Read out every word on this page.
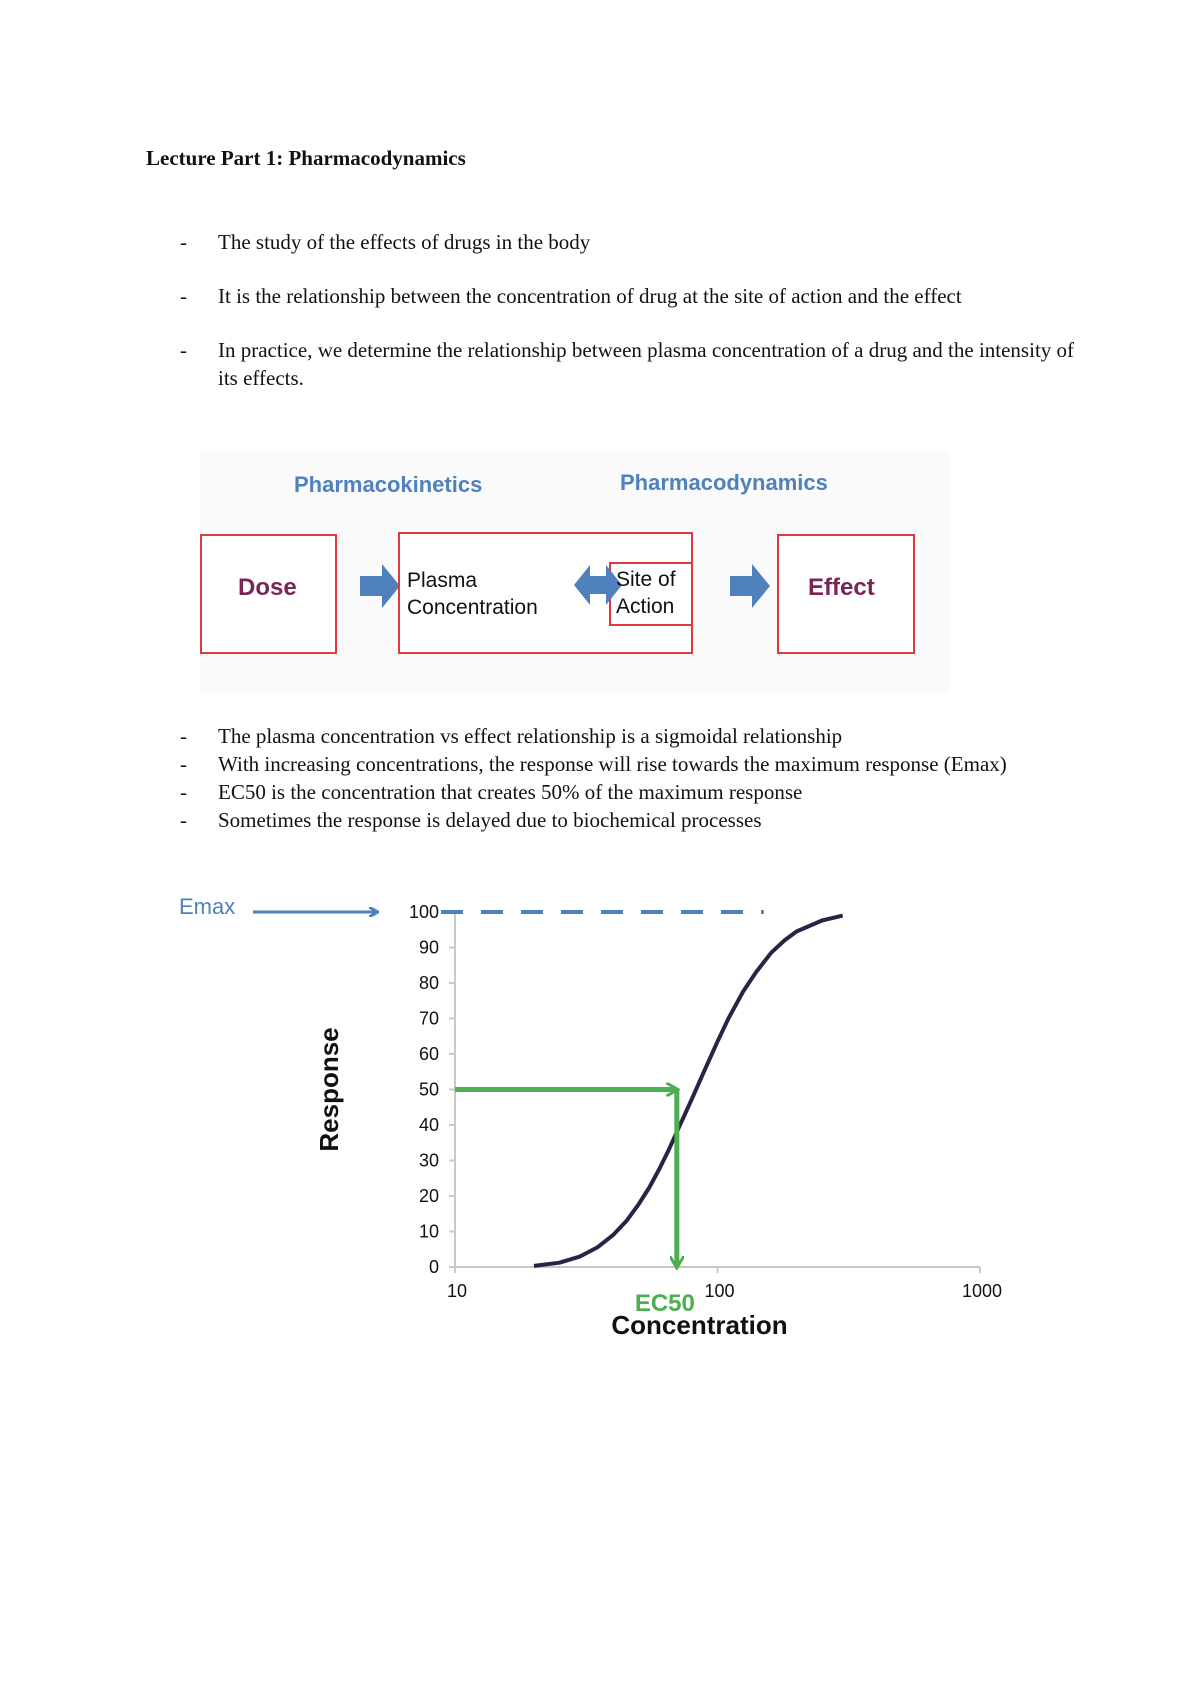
Lecture Part 1: Pharmacodynamics
- The study of the effects of drugs in the body
- It is the relationship between the concentration of drug at the site of action and the effect
- In practice, we determine the relationship between plasma concentration of a drug and the intensity of its effects.
Pharmacokinetics	Pharmacodynamics
Dose	Plasma
Concentration
Site of
Action
Effect
- The plasma concentration vs effect relationship is a sigmoidal relationship
- With increasing concentrations, the response will rise towards the maximum response (Emax)
- EC50 is the concentration that creates 50% of the maximum response
- Sometimes the response is delayed due to biochemical processes
0
10
20
30
40
50
60
70
80
90
100
10	100	1000
Concentration
Response
Emax
EC50
